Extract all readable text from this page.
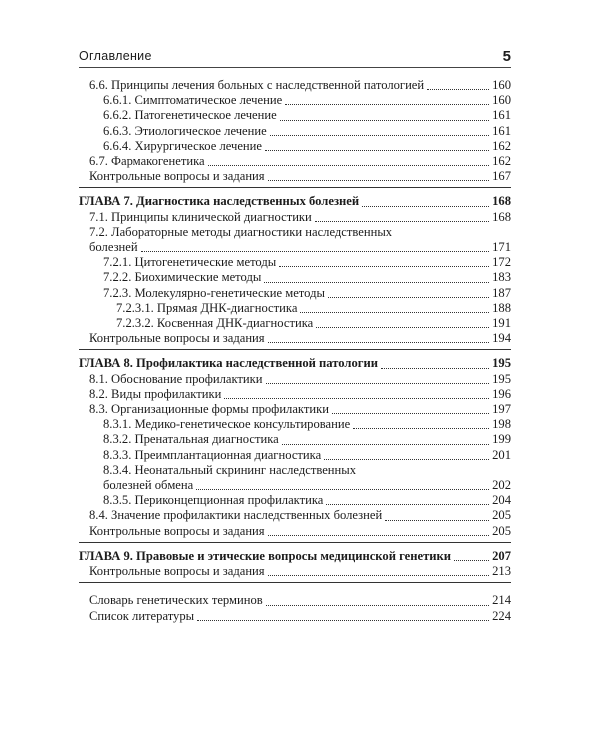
Оглавление	5
6.6. Принципы лечения больных с наследственной патологией	160
6.6.1. Симптоматическое лечение	160
6.6.2. Патогенетическое лечение	161
6.6.3. Этиологическое лечение	161
6.6.4. Хирургическое лечение	162
6.7. Фармакогенетика	162
Контрольные вопросы и задания	167
ГЛАВА 7. Диагностика наследственных болезней	168
7.1. Принципы клинической диагностики	168
7.2. Лабораторные методы диагностики наследственных
болезней	171
7.2.1. Цитогенетические методы	172
7.2.2. Биохимические методы	183
7.2.3. Молекулярно-генетические методы	187
7.2.3.1. Прямая ДНК-диагностика	188
7.2.3.2. Косвенная ДНК-диагностика	191
Контрольные вопросы и задания	194
ГЛАВА 8. Профилактика наследственной патологии	195
8.1. Обоснование профилактики	195
8.2. Виды профилактики	196
8.3. Организационные формы профилактики	197
8.3.1. Медико-генетическое консультирование	198
8.3.2. Пренатальная диагностика	199
8.3.3. Преимплантационная диагностика	201
8.3.4. Неонатальный скрининг наследственных
болезней обмена	202
8.3.5. Периконцепционная профилактика	204
8.4. Значение профилактики наследственных болезней	205
Контрольные вопросы и задания	205
ГЛАВА 9. Правовые и этические вопросы медицинской генетики	207
Контрольные вопросы и задания	213
Словарь генетических терминов	214
Список литературы	224
